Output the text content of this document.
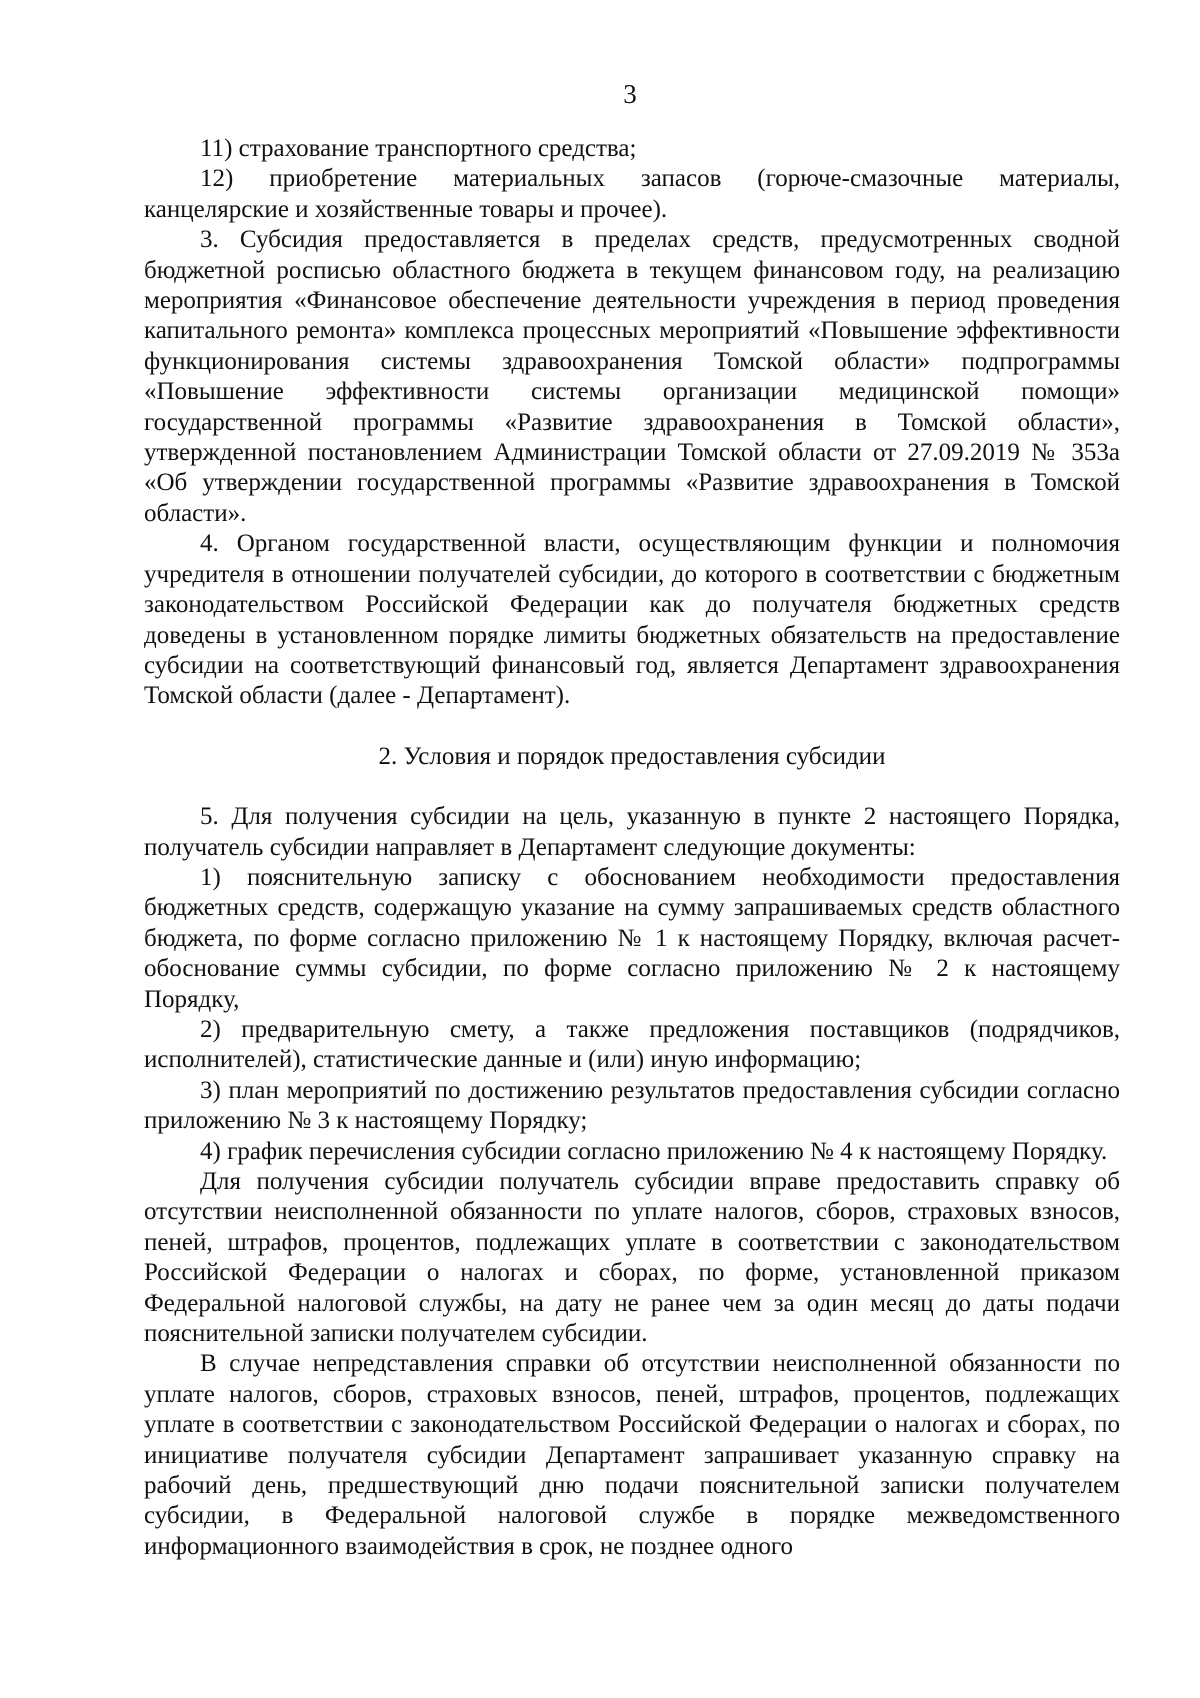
3

11) страхование транспортного средства;

12) приобретение материальных запасов (горюче-смазочные материалы, канцелярские и хозяйственные товары и прочее).

3. Субсидия предоставляется в пределах средств, предусмотренных сводной бюджетной росписью областного бюджета в текущем финансовом году, на реализацию мероприятия «Финансовое обеспечение деятельности учреждения в период проведения капитального ремонта» комплекса процессных мероприятий «Повышение эффективности функционирования системы здравоохранения Томской области» подпрограммы «Повышение эффективности системы организации медицинской помощи» государственной программы «Развитие здравоохранения в Томской области», утвержденной постановлением Администрации Томской области от 27.09.2019 № 353а «Об утверждении государственной программы «Развитие здравоохранения в Томской области».

4. Органом государственной власти, осуществляющим функции и полномочия учредителя в отношении получателей субсидии, до которого в соответствии с бюджетным законодательством Российской Федерации как до получателя бюджетных средств доведены в установленном порядке лимиты бюджетных обязательств на предоставление субсидии на соответствующий финансовый год, является Департамент здравоохранения Томской области (далее - Департамент).

2. Условия и порядок предоставления субсидии

5. Для получения субсидии на цель, указанную в пункте 2 настоящего Порядка, получатель субсидии направляет в Департамент следующие документы:

1) пояснительную записку с обоснованием необходимости предоставления бюджетных средств, содержащую указание на сумму запрашиваемых средств областного бюджета, по форме согласно приложению № 1 к настоящему Порядку, включая расчет-обоснование суммы субсидии, по форме согласно приложению № 2 к настоящему Порядку,

2) предварительную смету, а также предложения поставщиков (подрядчиков, исполнителей), статистические данные и (или) иную информацию;

3) план мероприятий по достижению результатов предоставления субсидии согласно приложению № 3 к настоящему Порядку;

4) график перечисления субсидии согласно приложению № 4 к настоящему Порядку.

Для получения субсидии получатель субсидии вправе предоставить справку об отсутствии неисполненной обязанности по уплате налогов, сборов, страховых взносов, пеней, штрафов, процентов, подлежащих уплате в соответствии с законодательством Российской Федерации о налогах и сборах, по форме, установленной приказом Федеральной налоговой службы, на дату не ранее чем за один месяц до даты подачи пояснительной записки получателем субсидии.

В случае непредставления справки об отсутствии неисполненной обязанности по уплате налогов, сборов, страховых взносов, пеней, штрафов, процентов, подлежащих уплате в соответствии с законодательством Российской Федерации о налогах и сборах, по инициативе получателя субсидии Департамент запрашивает указанную справку на рабочий день, предшествующий дню подачи пояснительной записки получателем субсидии, в Федеральной налоговой службе в порядке межведомственного информационного взаимодействия в срок, не позднее одного
